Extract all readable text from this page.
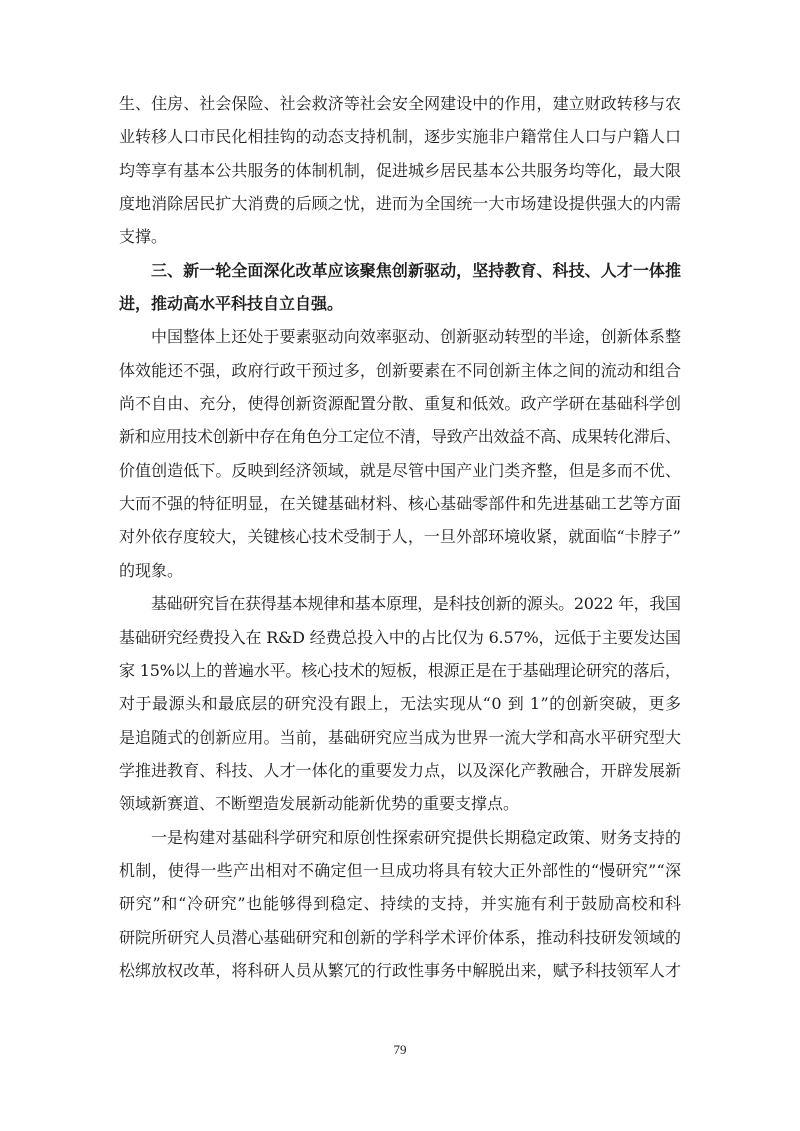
生、住房、社会保险、社会救济等社会安全网建设中的作用，建立财政转移与农
业转移人口市民化相挂钩的动态支持机制，逐步实施非户籍常住人口与户籍人口
均等享有基本公共服务的体制机制，促进城乡居民基本公共服务均等化，最大限
度地消除居民扩大消费的后顾之忧，进而为全国统一大市场建设提供强大的内需
支撑。
三、新一轮全面深化改革应该聚焦创新驱动，坚持教育、科技、人才一体推
进，推动高水平科技自立自强。
中国整体上还处于要素驱动向效率驱动、创新驱动转型的半途，创新体系整
体效能还不强，政府行政干预过多，创新要素在不同创新主体之间的流动和组合
尚不自由、充分，使得创新资源配置分散、重复和低效。政产学研在基础科学创
新和应用技术创新中存在角色分工定位不清，导致产出效益不高、成果转化滞后、
价值创造低下。反映到经济领域，就是尽管中国产业门类齐整，但是多而不优、
大而不强的特征明显，在关键基础材料、核心基础零部件和先进基础工艺等方面
对外依存度较大，关键核心技术受制于人，一旦外部环境收紧，就面临“卡脖子”
的现象。
基础研究旨在获得基本规律和基本原理，是科技创新的源头。2022 年，我国
基础研究经费投入在 R&D 经费总投入中的占比仅为 6.57%，远低于主要发达国
家 15%以上的普遍水平。核心技术的短板，根源正是在于基础理论研究的落后，
对于最源头和最底层的研究没有跟上，无法实现从“0 到 1”的创新突破，更多
是追随式的创新应用。当前，基础研究应当成为世界一流大学和高水平研究型大
学推进教育、科技、人才一体化的重要发力点，以及深化产教融合，开辟发展新
领域新赛道、不断塑造发展新动能新优势的重要支撑点。
一是构建对基础科学研究和原创性探索研究提供长期稳定政策、财务支持的
机制，使得一些产出相对不确定但一旦成功将具有较大正外部性的“慢研究”“深
研究”和“冷研究”也能够得到稳定、持续的支持，并实施有利于鼓励高校和科
研院所研究人员潜心基础研究和创新的学科学术评价体系，推动科技研发领域的
松绑放权改革，将科研人员从繁冗的行政性事务中解脱出来，赋予科技领军人才
79
